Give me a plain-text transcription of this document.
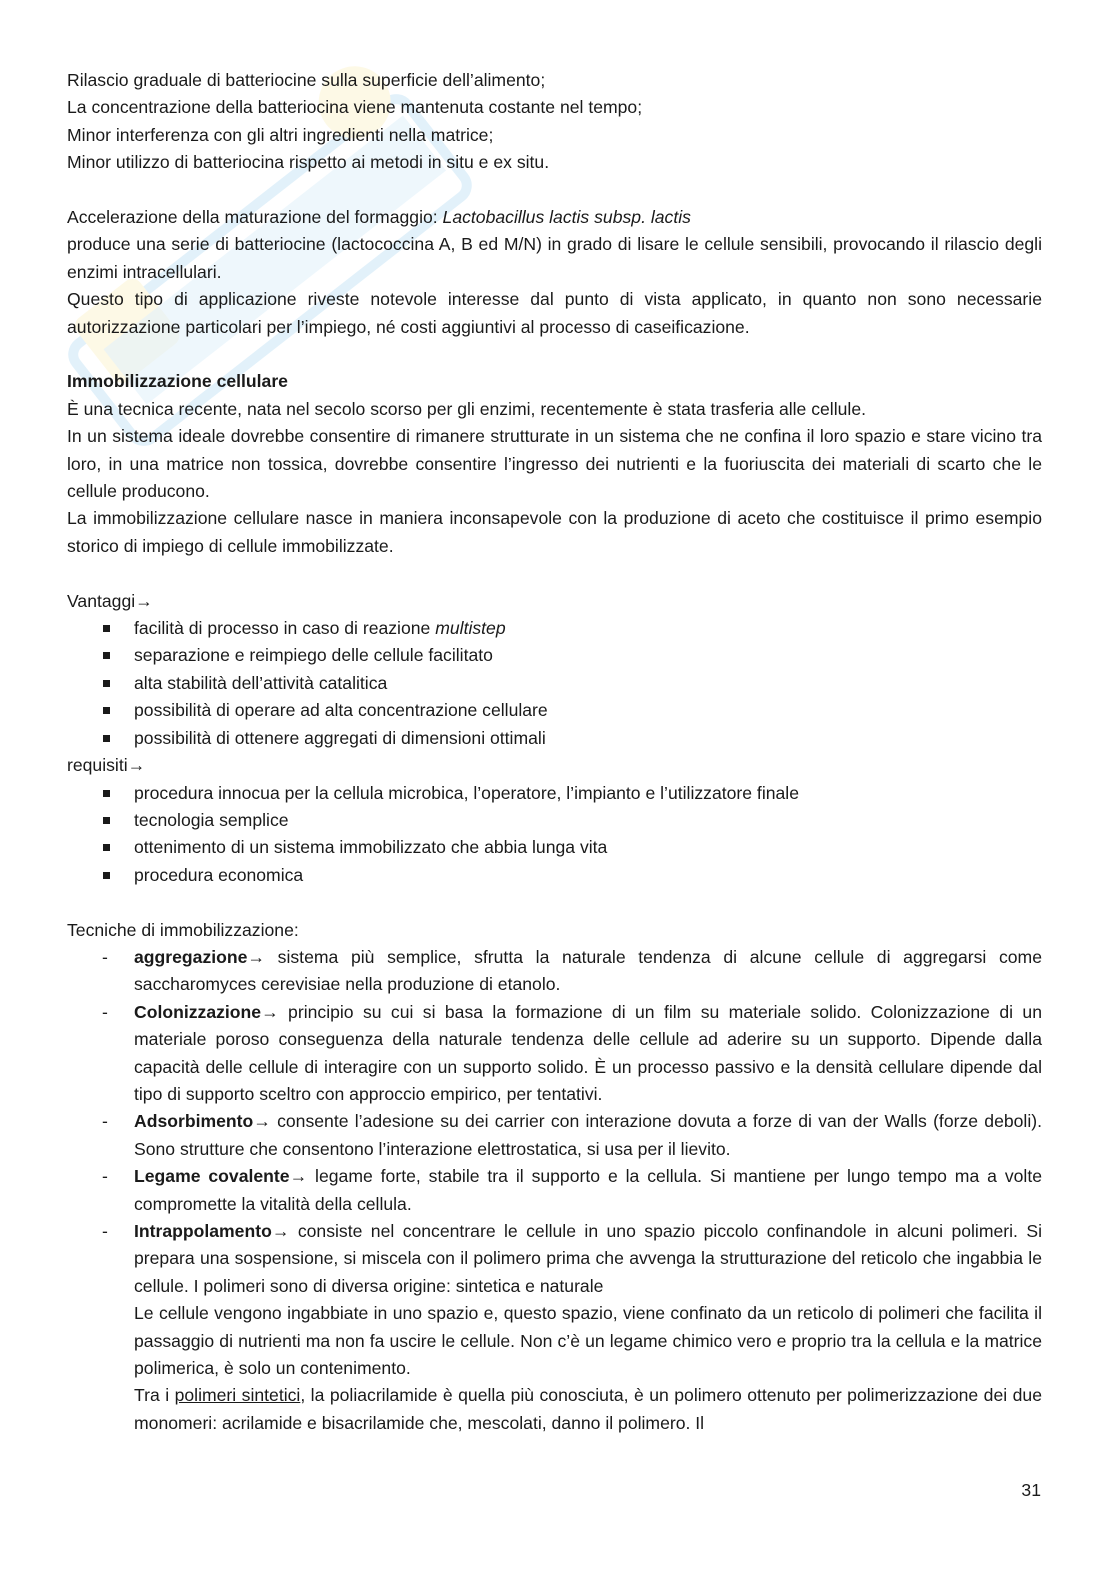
Rilascio graduale di batteriocine sulla superficie dell’alimento;

La concentrazione della batteriocina viene mantenuta costante nel tempo;

Minor interferenza con gli altri ingredienti nella matrice;

Minor utilizzo di batteriocina rispetto ai metodi in situ e ex situ.

Accelerazione della maturazione del formaggio: Lactobacillus lactis subsp. lactis

produce una serie di batteriocine (lactococcina A, B ed M/N) in grado di lisare le cellule sensibili, provocando il rilascio degli enzimi intracellulari.

Questo tipo di applicazione riveste notevole interesse dal punto di vista applicato, in quanto non sono necessarie autorizzazione particolari per l’impiego, né costi aggiuntivi al processo di caseificazione.

Immobilizzazione cellulare

È una tecnica recente, nata nel secolo scorso per gli enzimi, recentemente è stata trasferia alle cellule.

In un sistema ideale dovrebbe consentire di rimanere strutturate in un sistema che ne confina il loro spazio e stare vicino tra loro, in una matrice non tossica, dovrebbe consentire l’ingresso dei nutrienti e la fuoriuscita dei materiali di scarto che le cellule producono.

La immobilizzazione cellulare nasce in maniera inconsapevole con la produzione di aceto che costituisce il primo esempio storico di impiego di cellule immobilizzate.

Vantaggi→

facilità di processo in caso di reazione multistep
separazione e reimpiego delle cellule facilitato
alta stabilità dell’attività catalitica
possibilità di operare ad alta concentrazione cellulare
possibilità di ottenere aggregati di dimensioni ottimali

requisiti→

procedura innocua per la cellula microbica, l’operatore, l’impianto e l’utilizzatore finale
tecnologia semplice
ottenimento di un sistema immobilizzato che abbia lunga vita
procedura economica

Tecniche di immobilizzazione:

- aggregazione→ sistema più semplice, sfrutta la naturale tendenza di alcune cellule di aggregarsi come saccharomyces cerevisiae nella produzione di etanolo.
- Colonizzazione→ principio su cui si basa la formazione di un film su materiale solido. Colonizzazione di un materiale poroso conseguenza della naturale tendenza delle cellule ad aderire su un supporto. Dipende dalla capacità delle cellule di interagire con un supporto solido. È un processo passivo e la densità cellulare dipende dal tipo di supporto sceltro con approccio empirico, per tentativi.
- Adsorbimento→ consente l’adesione su dei carrier con interazione dovuta a forze di van der Walls (forze deboli). Sono strutture che consentono l’interazione elettrostatica, si usa per il lievito.
- Legame covalente→ legame forte, stabile tra il supporto e la cellula. Si mantiene per lungo tempo ma a volte compromette la vitalità della cellula.
- Intrappolamento→ consiste nel concentrare le cellule in uno spazio piccolo confinandole in alcuni polimeri. Si prepara una sospensione, si miscela con il polimero prima che avvenga la strutturazione del reticolo che ingabbia le cellule. I polimeri sono di diversa origine: sintetica e naturale

Le cellule vengono ingabbiate in uno spazio e, questo spazio, viene confinato da un reticolo di polimeri che facilita il passaggio di nutrienti ma non fa uscire le cellule. Non c’è un legame chimico vero e proprio tra la cellula e la matrice polimerica, è solo un contenimento.

Tra i polimeri sintetici, la poliacrilamide è quella più conosciuta, è un polimero ottenuto per polimerizzazione dei due monomeri: acrilamide e bisacrilamide che, mescolati, danno il polimero. Il

31
